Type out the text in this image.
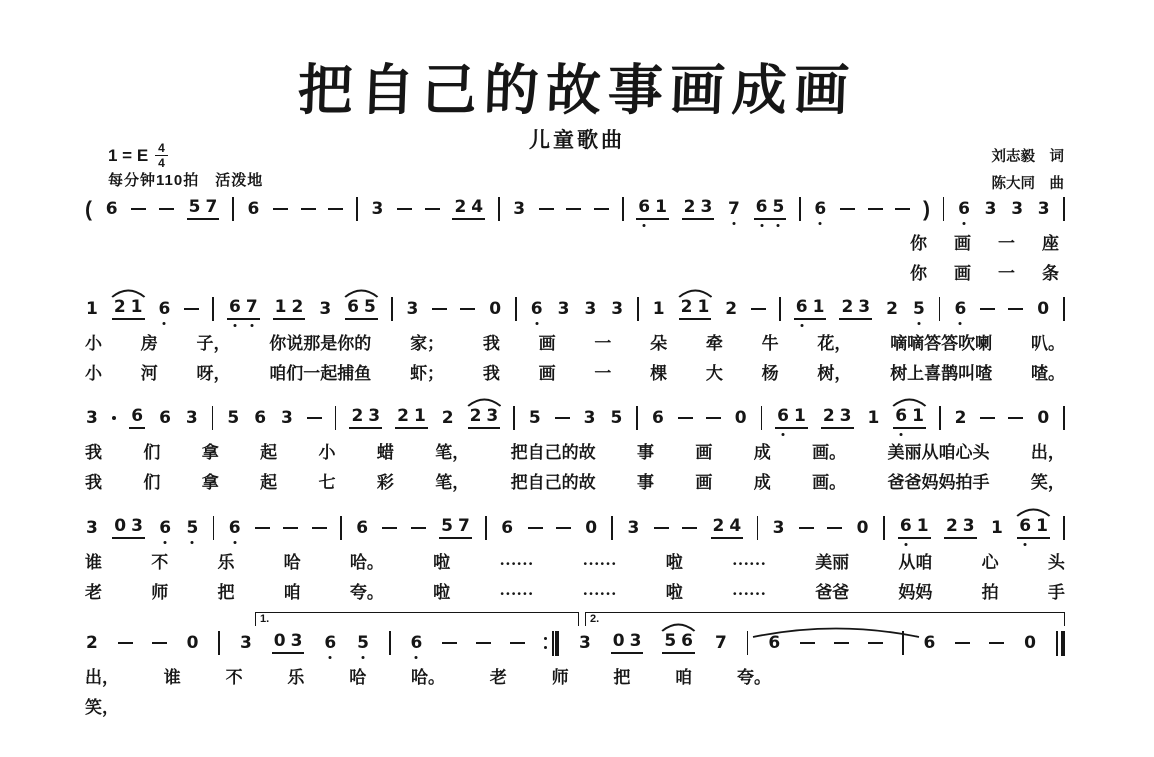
把自己的故事画成画
儿童歌曲
1 = E $\frac{4}{4}$
每分钟110拍　活泼地
刘志毅　词
陈大同　曲
( 6	5 7 6	3	2 4 3	6 1 2 3 7 6 5 6	) 6 3 3 3
你 画 一 座
你 画 一 条
1 2 1 6	6 7 1 2 3 6 5 3	0 6 3 3 3 1 2 1 2	6 1 2 3 2 5 6	0
小 房 子， 你说那是你的 家； 我 画 一 朵 牵 牛 花， 嘀嘀答答吹喇 叭。
小 河 呀， 咱们一起捕鱼 虾； 我 画 一 棵 大 杨 树， 树上喜鹊叫喳 喳。
3 6 6 3 5 6 3	2 3 2 1 2 2 3 5	3 5 6	0 6 1 2 3 1 6 1 2	0
我 们 拿 起 小 蜡 笔， 把自己的故 事 画 成 画。 美丽从咱心头 出，
我 们 拿 起 七 彩 笔， 把自己的故 事 画 成 画。 爸爸妈妈拍手 笑，
3 0 3 6 5 6	6	5 7 6	0 3	2 4 3	0 6 1 2 3 1 6 1
谁	不	乐	哈	哈。	啦	……	……	啦	……	美丽	从咱	心	头
老	师	把	咱	夸。	啦	……	……	啦	……	爸爸	妈妈	拍	手
1.	2.
2	0 3 0 3 6 5 6	3 0 3 5 6 7 6	6	0
出，	谁	不	乐	哈	哈。	老	师	把	咱	夸。
笑，
